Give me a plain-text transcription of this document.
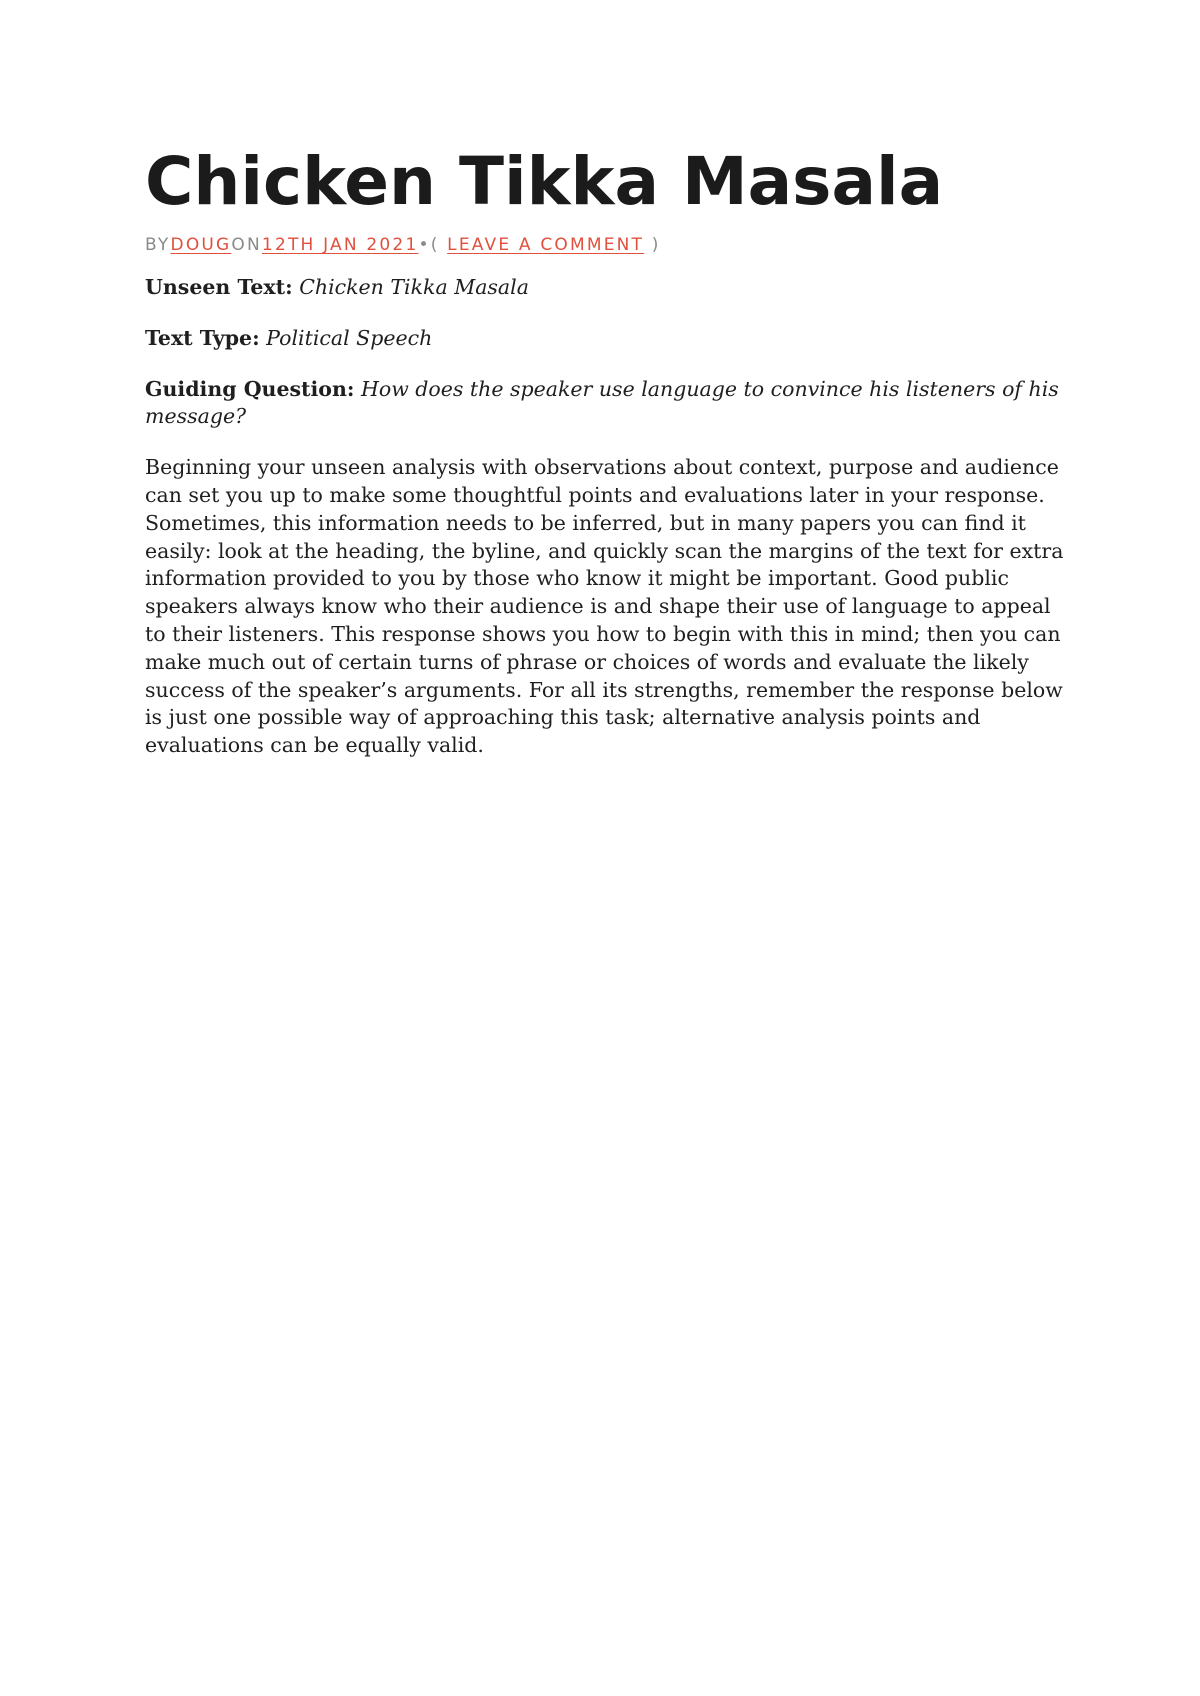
Chicken Tikka Masala
BYDOUGON12TH JAN 2021•( LEAVE A COMMENT )

Unseen Text: Chicken Tikka Masala

Text Type: Political Speech

Guiding Question: How does the speaker use language to convince his listeners of his message?

Beginning your unseen analysis with observations about context, purpose and audience can set you up to make some thoughtful points and evaluations later in your response. Sometimes, this information needs to be inferred, but in many papers you can find it easily: look at the heading, the byline, and quickly scan the margins of the text for extra information provided to you by those who know it might be important. Good public speakers always know who their audience is and shape their use of language to appeal to their listeners. This response shows you how to begin with this in mind; then you can make much out of certain turns of phrase or choices of words and evaluate the likely success of the speaker’s arguments. For all its strengths, remember the response below is just one possible way of approaching this task; alternative analysis points and evaluations can be equally valid.
